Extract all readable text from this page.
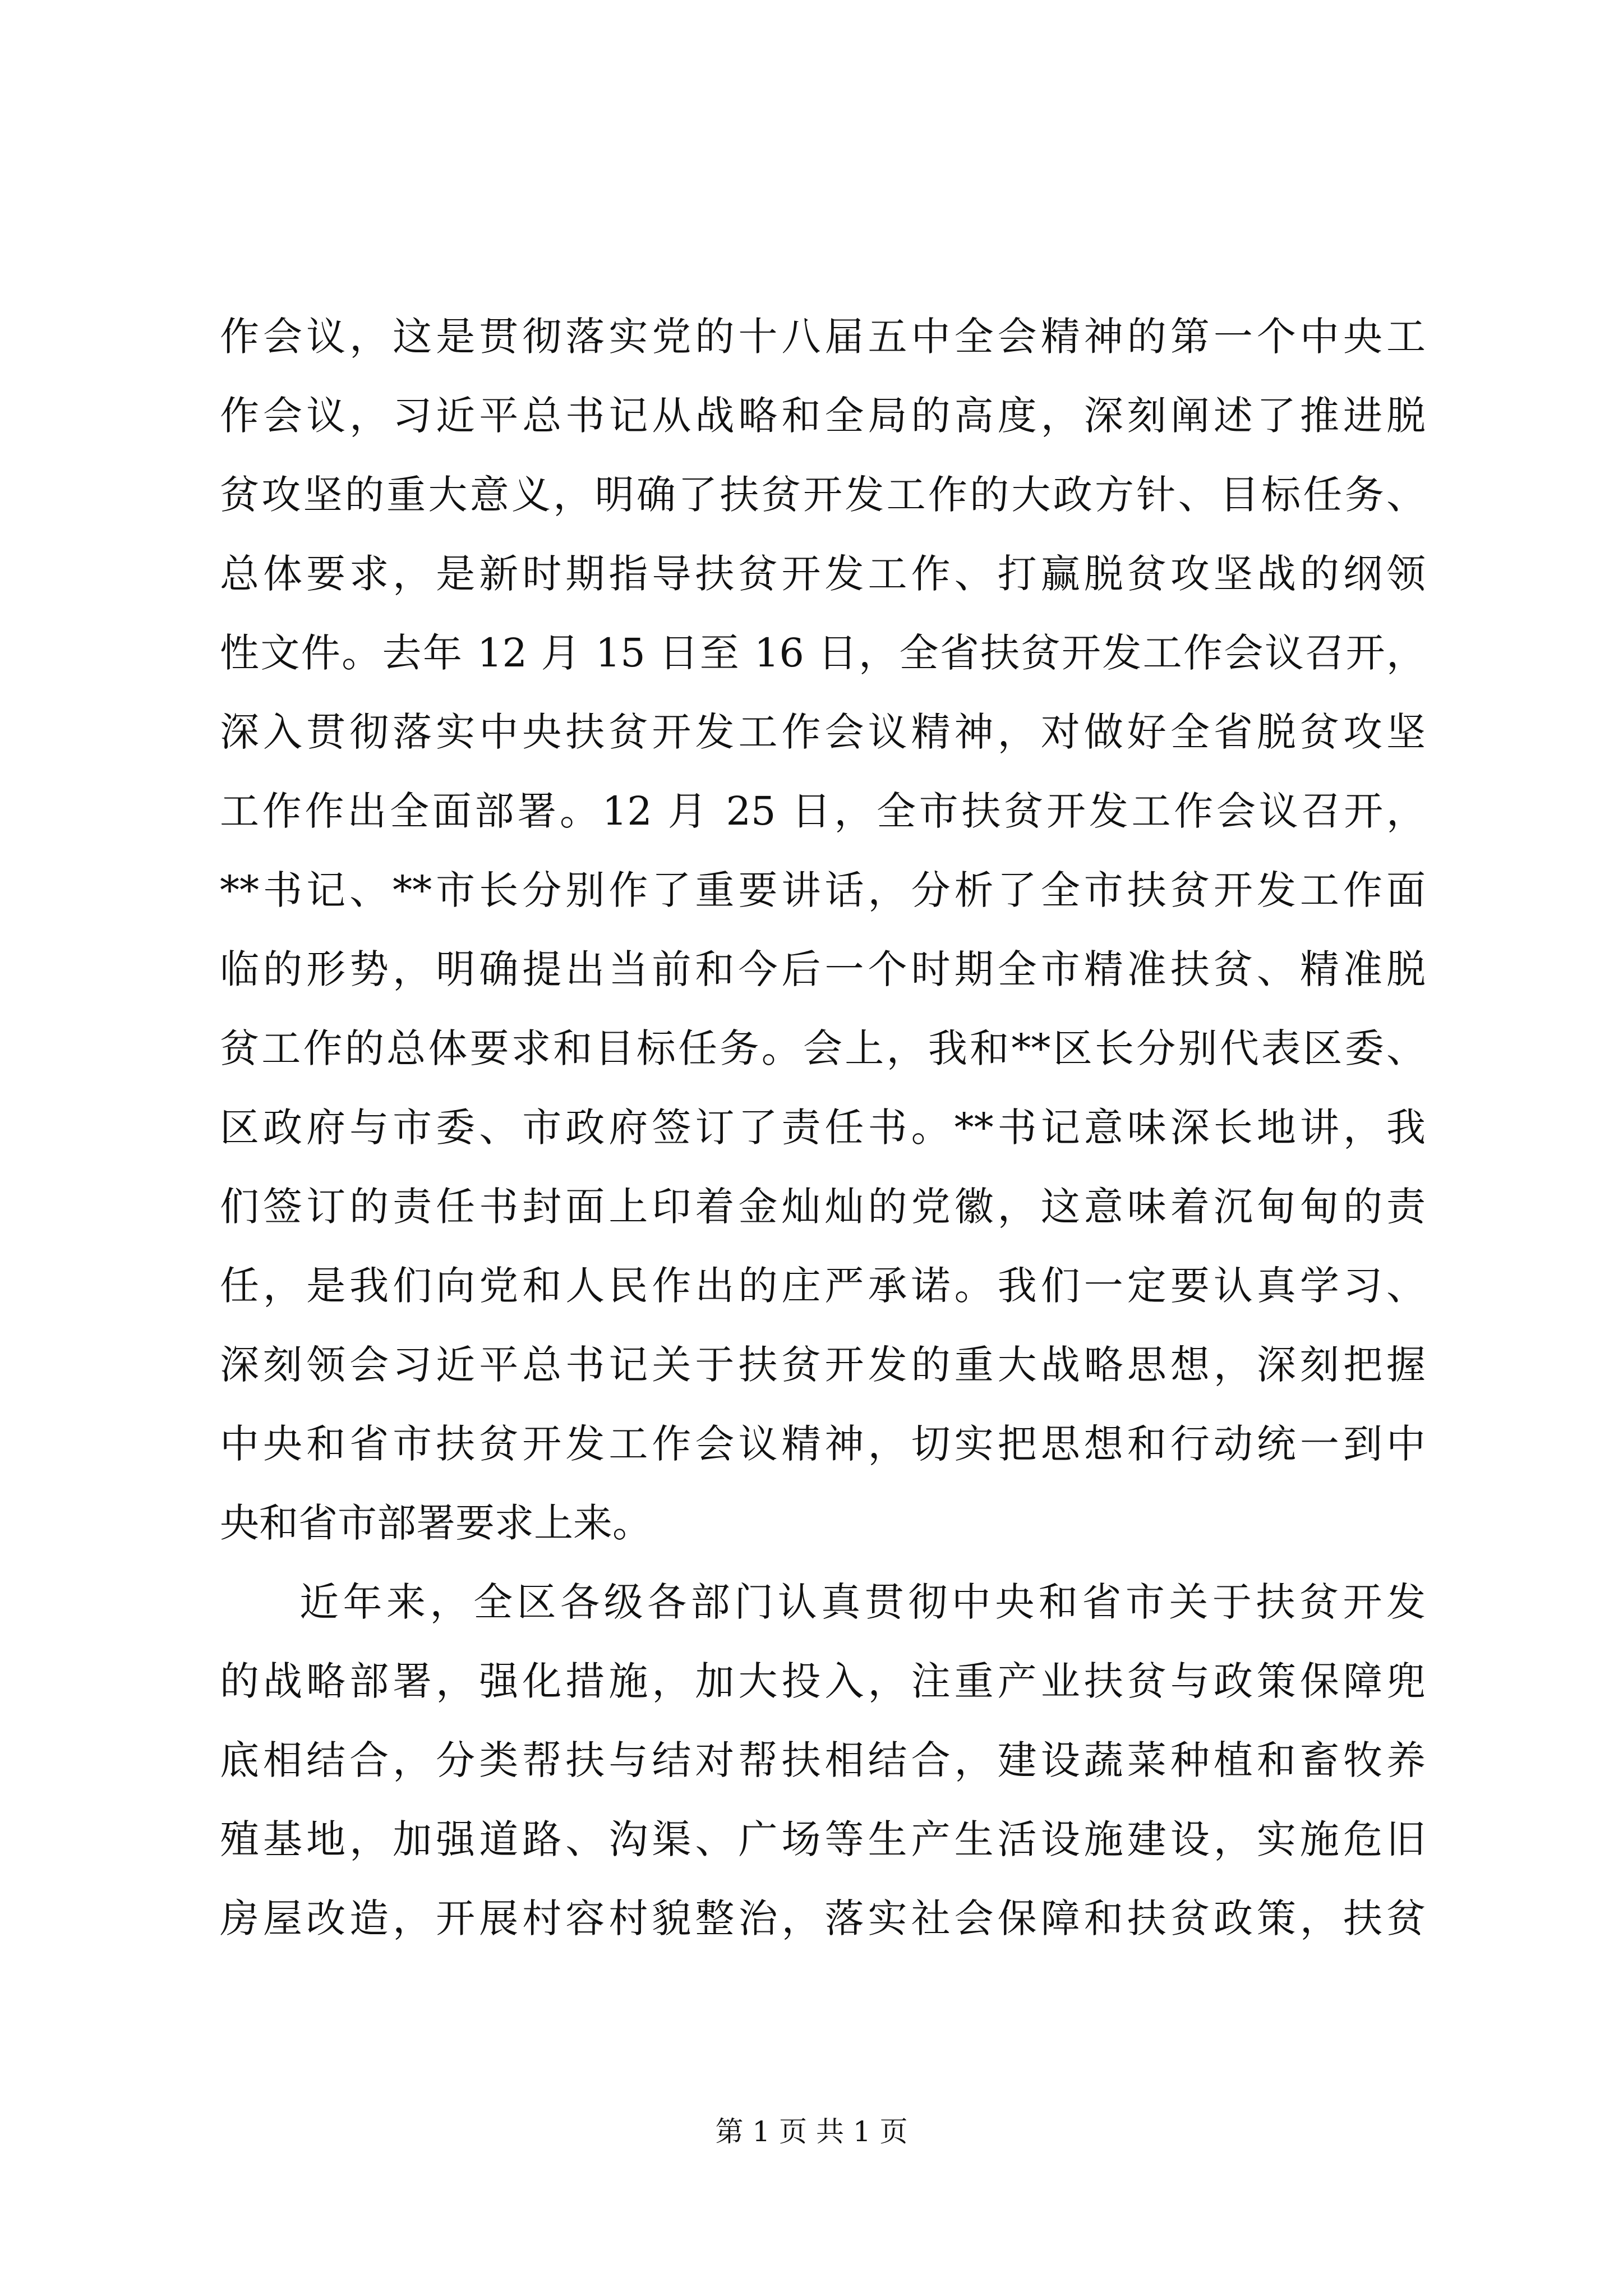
作会议，这是贯彻落实党的十八届五中全会精神的第一个中央工
作会议，习近平总书记从战略和全局的高度，深刻阐述了推进脱
贫攻坚的重大意义，明确了扶贫开发工作的大政方针、目标任务、
总体要求，是新时期指导扶贫开发工作、打赢脱贫攻坚战的纲领
性文件。去年 12 月 15 日至 16 日，全省扶贫开发工作会议召开，
深入贯彻落实中央扶贫开发工作会议精神，对做好全省脱贫攻坚
工作作出全面部署。12 月 25 日，全市扶贫开发工作会议召开，
**书记、**市长分别作了重要讲话，分析了全市扶贫开发工作面
临的形势，明确提出当前和今后一个时期全市精准扶贫、精准脱
贫工作的总体要求和目标任务。会上，我和**区长分别代表区委、
区政府与市委、市政府签订了责任书。**书记意味深长地讲，我
们签订的责任书封面上印着金灿灿的党徽，这意味着沉甸甸的责
任，是我们向党和人民作出的庄严承诺。我们一定要认真学习、
深刻领会习近平总书记关于扶贫开发的重大战略思想，深刻把握
中央和省市扶贫开发工作会议精神，切实把思想和行动统一到中
央和省市部署要求上来。
近年来，全区各级各部门认真贯彻中央和省市关于扶贫开发
的战略部署，强化措施，加大投入，注重产业扶贫与政策保障兜
底相结合，分类帮扶与结对帮扶相结合，建设蔬菜种植和畜牧养
殖基地，加强道路、沟渠、广场等生产生活设施建设，实施危旧
房屋改造，开展村容村貌整治，落实社会保障和扶贫政策，扶贫
第 1 页 共 1 页
